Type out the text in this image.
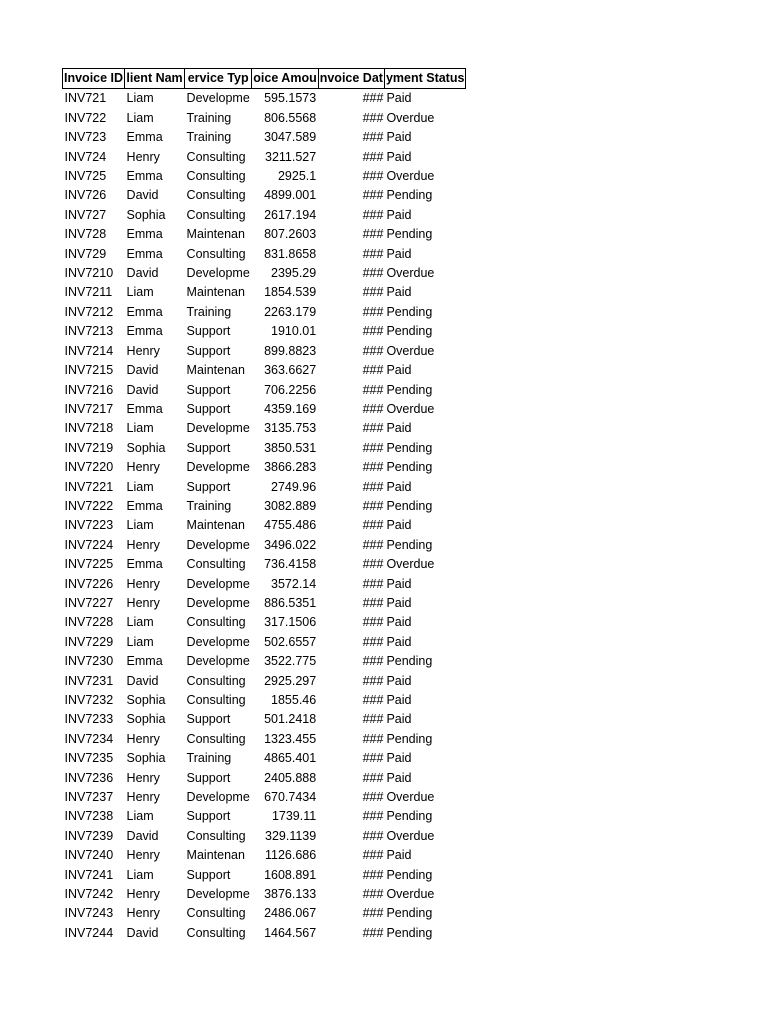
Invoice ID	lient Nam	ervice Typ	oice Amou	nvoice Dat	yment Status

INV721	Liam	Developme	595.1573	###	Paid
INV722	Liam	Training	806.5568	###	Overdue
INV723	Emma	Training	3047.589	###	Paid
INV724	Henry	Consulting	3211.527	###	Paid
INV725	Emma	Consulting	2925.1	###	Overdue
INV726	David	Consulting	4899.001	###	Pending
INV727	Sophia	Consulting	2617.194	###	Paid
INV728	Emma	Maintenan	807.2603	###	Pending
INV729	Emma	Consulting	831.8658	###	Paid
INV7210	David	Developme	2395.29	###	Overdue
INV7211	Liam	Maintenan	1854.539	###	Paid
INV7212	Emma	Training	2263.179	###	Pending
INV7213	Emma	Support	1910.01	###	Pending
INV7214	Henry	Support	899.8823	###	Overdue
INV7215	David	Maintenan	363.6627	###	Paid
INV7216	David	Support	706.2256	###	Pending
INV7217	Emma	Support	4359.169	###	Overdue
INV7218	Liam	Developme	3135.753	###	Paid
INV7219	Sophia	Support	3850.531	###	Pending
INV7220	Henry	Developme	3866.283	###	Pending
INV7221	Liam	Support	2749.96	###	Paid
INV7222	Emma	Training	3082.889	###	Pending
INV7223	Liam	Maintenan	4755.486	###	Paid
INV7224	Henry	Developme	3496.022	###	Pending
INV7225	Emma	Consulting	736.4158	###	Overdue
INV7226	Henry	Developme	3572.14	###	Paid
INV7227	Henry	Developme	886.5351	###	Paid
INV7228	Liam	Consulting	317.1506	###	Paid
INV7229	Liam	Developme	502.6557	###	Paid
INV7230	Emma	Developme	3522.775	###	Pending
INV7231	David	Consulting	2925.297	###	Paid
INV7232	Sophia	Consulting	1855.46	###	Paid
INV7233	Sophia	Support	501.2418	###	Paid
INV7234	Henry	Consulting	1323.455	###	Pending
INV7235	Sophia	Training	4865.401	###	Paid
INV7236	Henry	Support	2405.888	###	Paid
INV7237	Henry	Developme	670.7434	###	Overdue
INV7238	Liam	Support	1739.11	###	Pending
INV7239	David	Consulting	329.1139	###	Overdue
INV7240	Henry	Maintenan	1126.686	###	Paid
INV7241	Liam	Support	1608.891	###	Pending
INV7242	Henry	Developme	3876.133	###	Overdue
INV7243	Henry	Consulting	2486.067	###	Pending
INV7244	David	Consulting	1464.567	###	Pending
